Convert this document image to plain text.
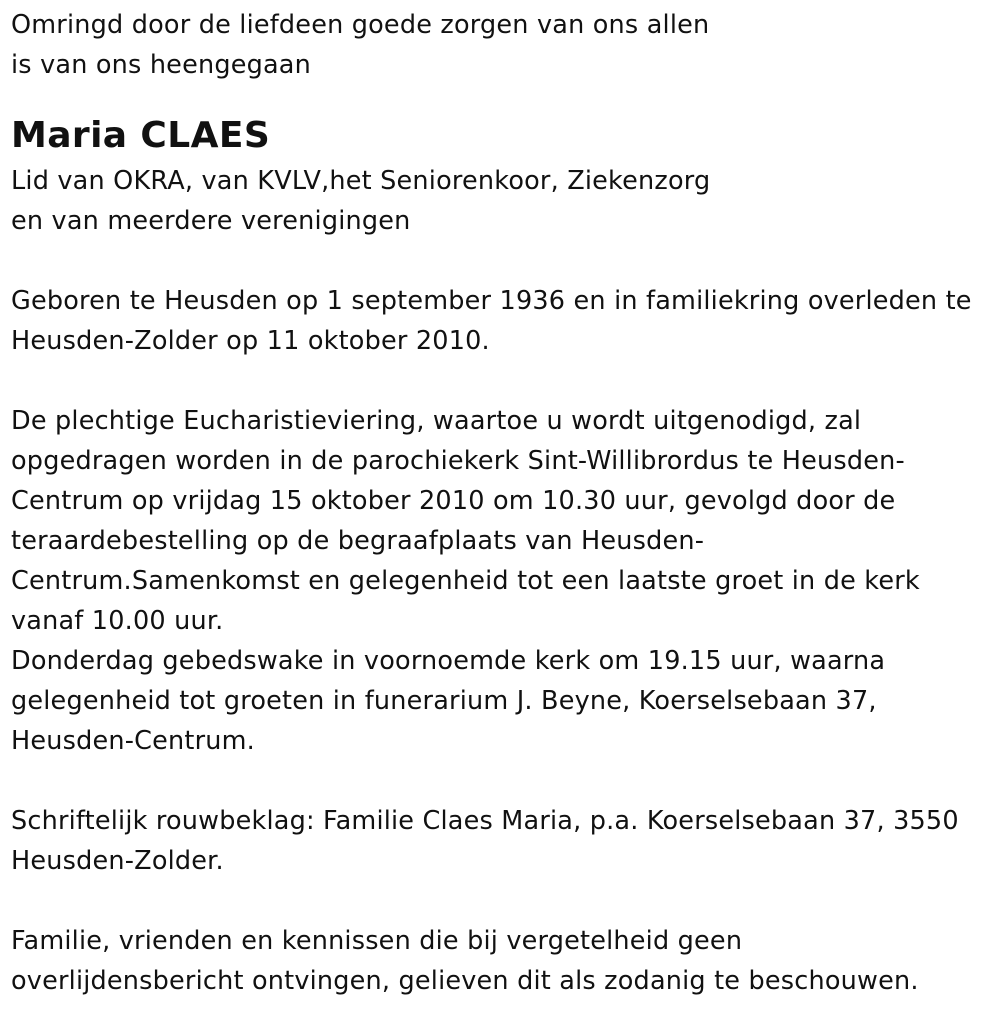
Omringd door de liefdeen goede zorgen van ons allen
is van ons heengegaan
Maria CLAES
Lid van OKRA, van KVLV,het Seniorenkoor, Ziekenzorg
en van meerdere verenigingen
Geboren te Heusden op 1 september 1936 en in familiekring overleden te
Heusden-Zolder op 11 oktober 2010.
De plechtige Eucharistieviering, waartoe u wordt uitgenodigd, zal
opgedragen worden in de parochiekerk Sint-Willibrordus te Heusden-
Centrum op vrijdag 15 oktober 2010 om 10.30 uur, gevolgd door de
teraardebestelling op de begraafplaats van Heusden-
Centrum.Samenkomst en gelegenheid tot een laatste groet in de kerk
vanaf 10.00 uur.
Donderdag gebedswake in voornoemde kerk om 19.15 uur, waarna
gelegenheid tot groeten in funerarium J. Beyne, Koerselsebaan 37,
Heusden-Centrum.
Schriftelijk rouwbeklag: Familie Claes Maria, p.a. Koerselsebaan 37, 3550
Heusden-Zolder.
Familie, vrienden en kennissen die bij vergetelheid geen
overlijdensbericht ontvingen, gelieven dit als zodanig te beschouwen.
